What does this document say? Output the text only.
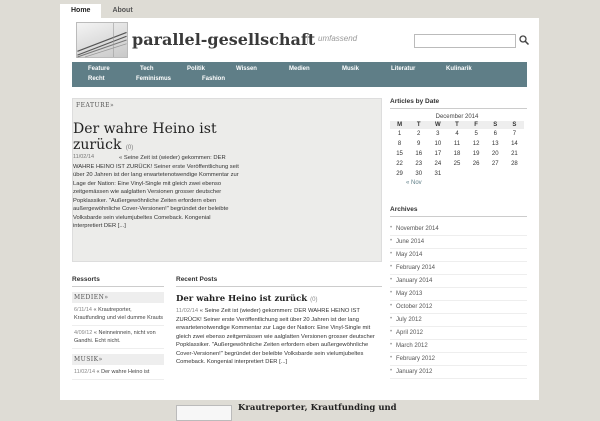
Home	About
parallel-gesellschaft umfassend
Feature	Tech	Politik	Wissen	Medien	Musik	Literatur	Kulinarik
Recht	Feminismus	Fashion
FEATURE»
Der wahre Heino ist zurück (0)
11/02/14	« Seine Zeit ist (wieder) gekommen: DER WAHRE HEINO IST ZURÜCK! Seiner erste Veröffentlichung seit über 20 Jahren ist der lang erwartetenotwendige Kommentar zur Lage der Nation: Eine Vinyl-Single mit gleich zwei ebenso zeitgemässen wie aalglatten Versionen grosser deutscher Popklassiker. "Außergewöhnliche Zeiten erfordern eben außergewöhnliche Cover-Versionen!" begründet der beleibte Volksbarde sein vielumjubeltes Comeback. Kongenial interpretiert DER [...]
Articles by Date
December 2014
M	T	W	T	F	S	S
1	2	3	4	5	6	7
8	9	10	11	12	13	14
15	16	17	18	19	20	21
22	23	24	25	26	27	28
29	30	31				
« Nov
Archives
• November 2014
• June 2014
• May 2014
• February 2014
• January 2014
• May 2013
• October 2012
• July 2012
• April 2012
• March 2012
• February 2012
• January 2012
Ressorts
MEDIEN»
6/11/14 « Krautreporter, Krautfunding und viel dumme Krauts
4/09/12 « Neinneinnein, nicht von Gandhi. Echt nicht.
MUSIK»
11/02/14 « Der wahre Heino ist
Recent Posts
Der wahre Heino ist zurück (0)
11/02/14 « Seine Zeit ist (wieder) gekommen: DER WAHRE HEINO IST ZURÜCK! Seiner erste Veröffentlichung seit über 20 Jahren ist der lang erwartetenotwendige Kommentar zur Lage der Nation: Eine Vinyl-Single mit gleich zwei ebenso zeitgemässen wie aalglatten Versionen grosser deutscher Popklassiker. "Außergewöhnliche Zeiten erfordern eben außergewöhnliche Cover-Versionen!" begründet der beleibte Volksbarde sein vielumjubeltes Comeback. Kongenial interpretiert DER [...]
Krautreporter, Krautfunding und
